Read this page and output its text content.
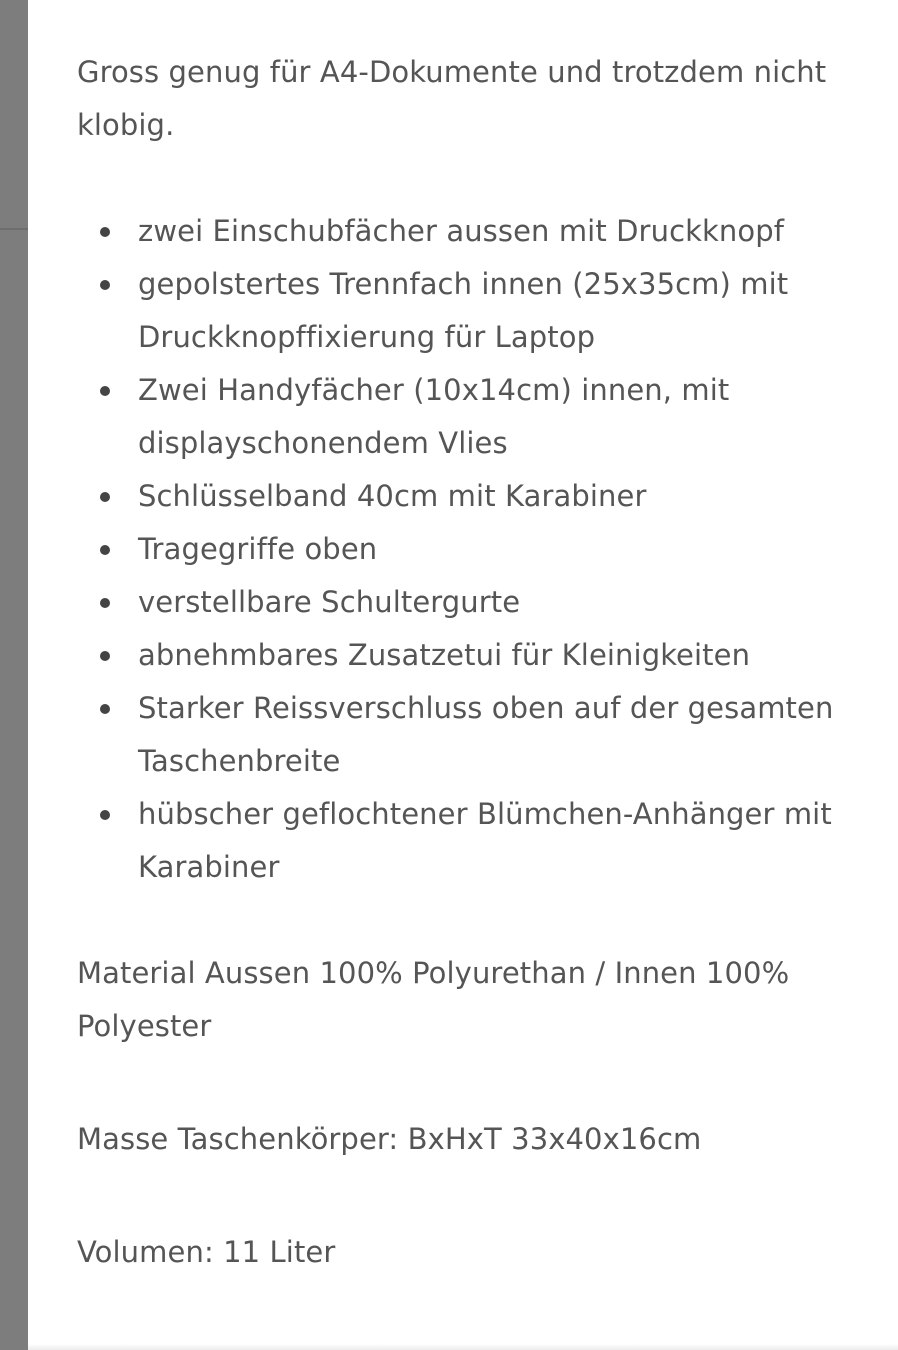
Gross genug für A4-Dokumente und trotzdem nicht klobig.

zwei Einschubfächer aussen mit Druckknopf
gepolstertes Trennfach innen (25x35cm) mit Druckknopffixierung für Laptop
Zwei Handyfächer (10x14cm) innen, mit displayschonendem Vlies
Schlüsselband 40cm mit Karabiner
Tragegriffe oben
verstellbare Schultergurte
abnehmbares Zusatzetui für Kleinigkeiten
Starker Reissverschluss oben auf der gesamten Taschenbreite
hübscher geflochtener Blümchen-Anhänger mit Karabiner

Material Aussen 100% Polyurethan / Innen 100% Polyester

Masse Taschenkörper: BxHxT 33x40x16cm

Volumen: 11 Liter
